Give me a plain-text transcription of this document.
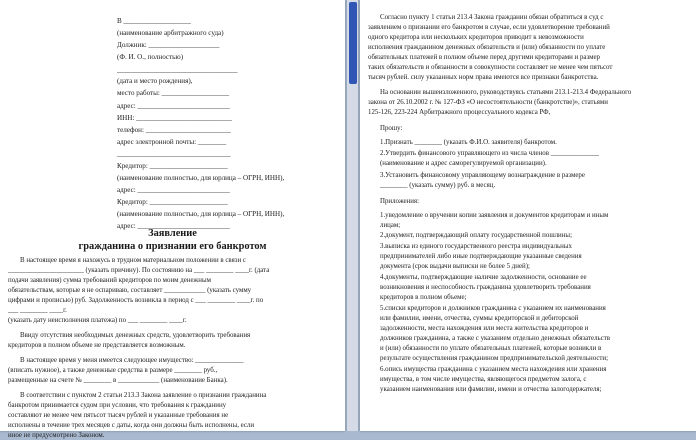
В ___________________
(наименование арбитражного суда)
Должник: ____________________
(Ф. И. О., полностью)
__________________________________
(дата и место рождения),
место работы: ___________________
адрес: __________________________
ИНН: ___________________________
телефон: ________________________
адрес электронной почты: ________
________________________________
Кредитор: ______________________
(наименование полностью, для юрлица – ОГРН, ИНН),
адрес: __________________________
Кредитор: ______________________
(наименование полностью, для юрлица – ОГРН, ИНН),
адрес: __________________________
Заявление
гражданина о признании его банкротом
В настоящее время я нахожусь в трудном материальном положении в связи с
______________________ (указать причину). По состоянию на ___ ________ ____г. (дата
подачи заявления) сумма требований кредиторов по моим денежным
обязательствам, которые я не оспариваю, составляет ____________ (указать сумму
цифрами и прописью) руб. Задолженность возникла в период с ___ ________ ____г. по
___ ________ ____г.
(указать дату неисполнения платежа) по ___ ________ ____г.
Ввиду отсутствия необходимых денежных средств, удовлетворить требования
кредиторов в полном объеме не представляется возможным.
В настоящее время у меня имеется следующее имущество: ______________
(вписать нужное), а также денежные средства в размере ________ руб.,
размещенные на счете № ________ в ____________ (наименование Банка).
В соответствии с пунктом 2 статьи 213.3 Закона заявление о признании гражданина
банкротом принимается судом при условии, что требования к гражданину
составляют не менее чем пятьсот тысяч рублей и указанные требования не
исполнены в течение трех месяцев с даты, когда они должны быть исполнены, если
иное не предусмотрено Законом.
Согласно пункту 1 статьи 213.4 Закона гражданин обязан обратиться в суд с
заявлением о признании его банкротом в случае, если удовлетворение требований
одного кредитора или нескольких кредиторов приводит к невозможности
исполнения гражданином денежных обязательств и (или) обязанности по уплате
обязательных платежей в полном объеме перед другими кредиторами и размер
таких обязательств и обязанности в совокупности составляет не менее чем пятьсот
тысяч рублей. силу указанных норм права имеются все признаки банкротства.
На основании вышеизложенного, руководствуясь статьями 213.1-213.4 Федерального
закона от 26.10.2002 г. № 127-ФЗ «О несостоятельности (банкротстве)», статьями
125-126, 223-224 Арбитражного процессуального кодекса РФ,
Прошу:
1.Признать ________ (указать Ф.И.О. заявителя) банкротом.
2.Утвердить финансового управляющего из числа членов ______________
(наименование и адрес саморегулируемой организации).
3.Установить финансовому управляющему вознаграждение в размере
________ (указать сумму) руб. в месяц.
Приложения:
1.уведомление о вручении копии заявления и документов кредиторам и иным
лицам;
2.документ, подтверждающий оплату государственной пошлины;
3.выписка из единого государственного реестра индивидуальных
предпринимателей либо иные подтверждающие указанные сведения
документа (срок выдачи выписки не более 5 дней);
4.документы, подтверждающие наличие задолженности, основание ее
возникновения и неспособность гражданина удовлетворить требования
кредиторов в полном объеме;
5.списки кредиторов и должников гражданина с указанием их наименования
или фамилии, имени, отчества, суммы кредиторской и дебиторской
задолженности, места нахождения или места жительства кредиторов и
должников гражданина, а также с указанием отдельно денежных обязательств
и (или) обязанности по уплате обязательных платежей, которые возникли в
результате осуществления гражданином предпринимательской деятельности;
6.опись имущества гражданина с указанием места нахождения или хранения
имущества, в том числе имущества, являющегося предметом залога, с
указанием наименования или фамилии, имени и отчества залогодержателя;
